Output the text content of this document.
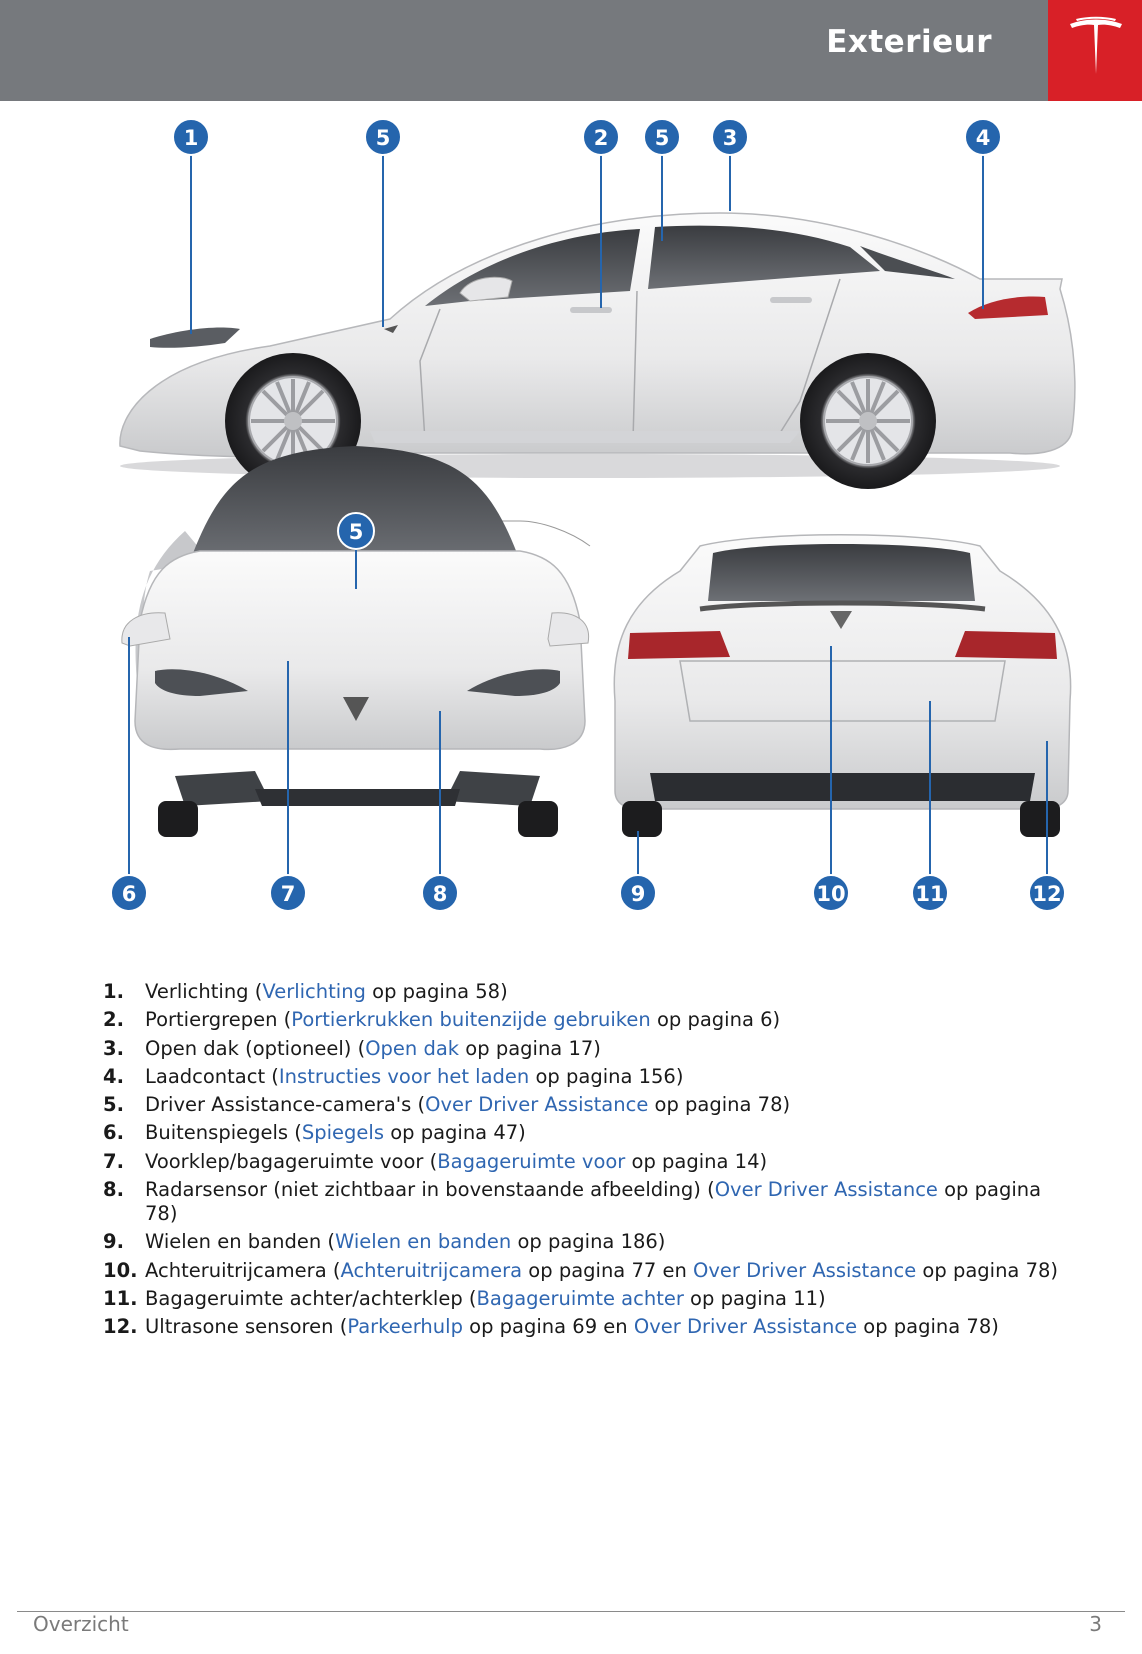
Exterieur
1	5	2 5	3	4
5
6	7	8	9	10	11	12
1. Verlichting (Verlichting op pagina 58)
2. Portiergrepen (Portierkrukken buitenzijde gebruiken op pagina 6)
3. Open dak (optioneel) (Open dak op pagina 17)
4. Laadcontact (Instructies voor het laden op pagina 156)
5. Driver Assistance-camera's (Over Driver Assistance op pagina 78)
6. Buitenspiegels (Spiegels op pagina 47)
7. Voorklep/bagageruimte voor (Bagageruimte voor op pagina 14)
8. Radarsensor (niet zichtbaar in bovenstaande afbeelding) (Over Driver Assistance op pagina 78)
9. Wielen en banden (Wielen en banden op pagina 186)
10. Achteruitrijcamera (Achteruitrijcamera op pagina 77 en Over Driver Assistance op pagina 78)
11. Bagageruimte achter/achterklep (Bagageruimte achter op pagina 11)
12. Ultrasone sensoren (Parkeerhulp op pagina 69 en Over Driver Assistance op pagina 78)
Overzicht	3
